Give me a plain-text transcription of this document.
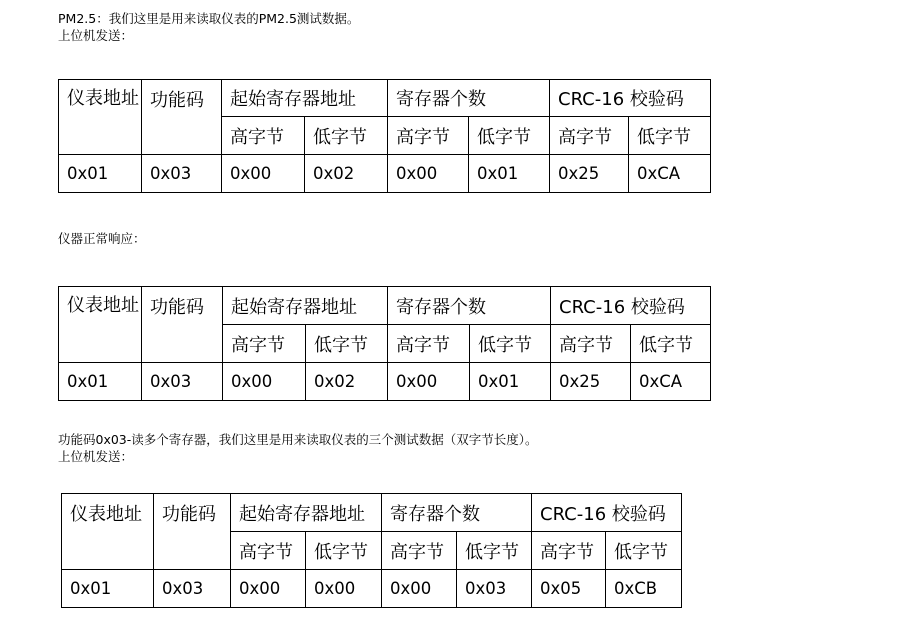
PM2.5：我们这里是用来读取仪表的PM2.5测试数据。
上位机发送：
仪表地址	功能码	起始寄存器地址		寄存器个数		CRC-16 校验码	
		高字节	低字节	高字节	低字节	高字节	低字节
0x01	0x03	0x00	0x02	0x00	0x01	0x25	0xCA
仪器正常响应：
仪表地址	功能码	起始寄存器地址		寄存器个数		CRC-16 校验码	
		高字节	低字节	高字节	低字节	高字节	低字节
0x01	0x03	0x00	0x02	0x00	0x01	0x25	0xCA
功能码0x03-读多个寄存器，我们这里是用来读取仪表的三个测试数据（双字节长度）。
上位机发送：
仪表地址	功能码	起始寄存器地址		寄存器个数		CRC-16 校验码	
		高字节	低字节	高字节	低字节	高字节	低字节
0x01	0x03	0x00	0x00	0x00	0x03	0x05	0xCB
